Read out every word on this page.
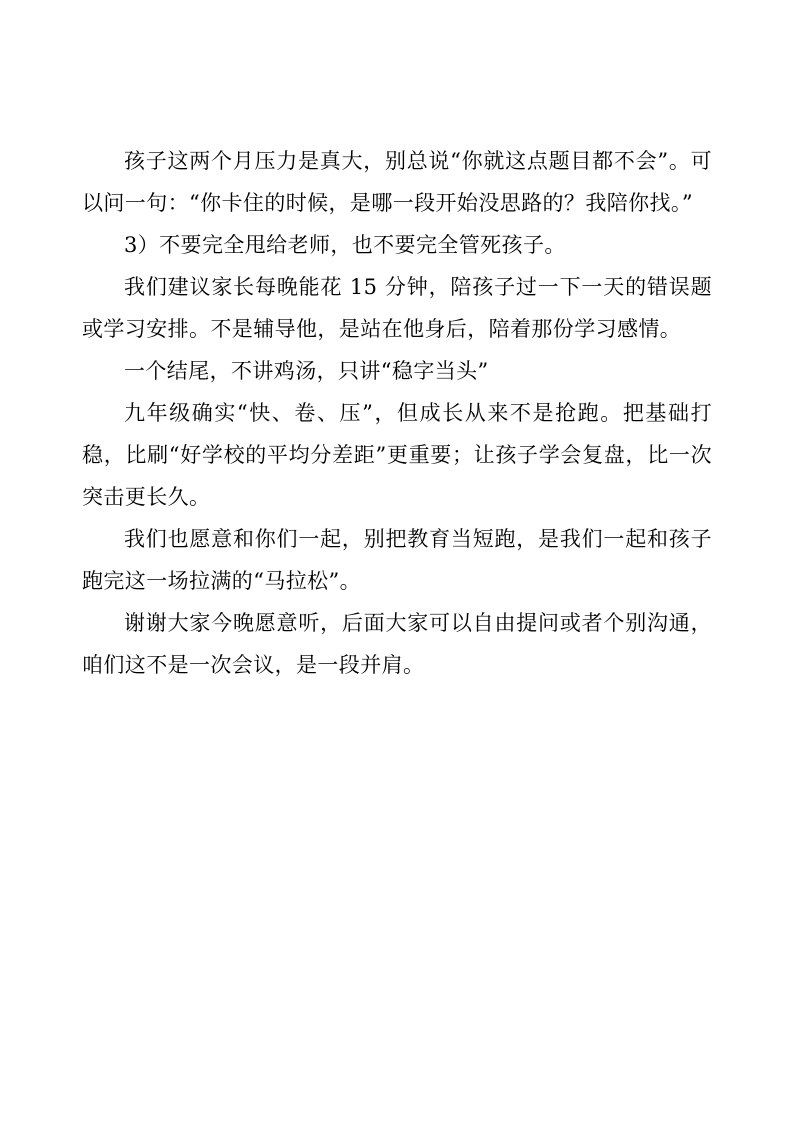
孩子这两个月压力是真大，别总说“你就这点题目都不会”。可以问一句：“你卡住的时候，是哪一段开始没思路的？我陪你找。”

3）不要完全甩给老师，也不要完全管死孩子。

我们建议家长每晚能花 15 分钟，陪孩子过一下一天的错误题或学习安排。不是辅导他，是站在他身后，陪着那份学习感情。

一个结尾，不讲鸡汤，只讲“稳字当头”

九年级确实“快、卷、压”，但成长从来不是抢跑。把基础打稳，比刷“好学校的平均分差距”更重要；让孩子学会复盘，比一次突击更长久。

我们也愿意和你们一起，别把教育当短跑，是我们一起和孩子跑完这一场拉满的“马拉松”。

谢谢大家今晚愿意听，后面大家可以自由提问或者个别沟通，咱们这不是一次会议，是一段并肩。
